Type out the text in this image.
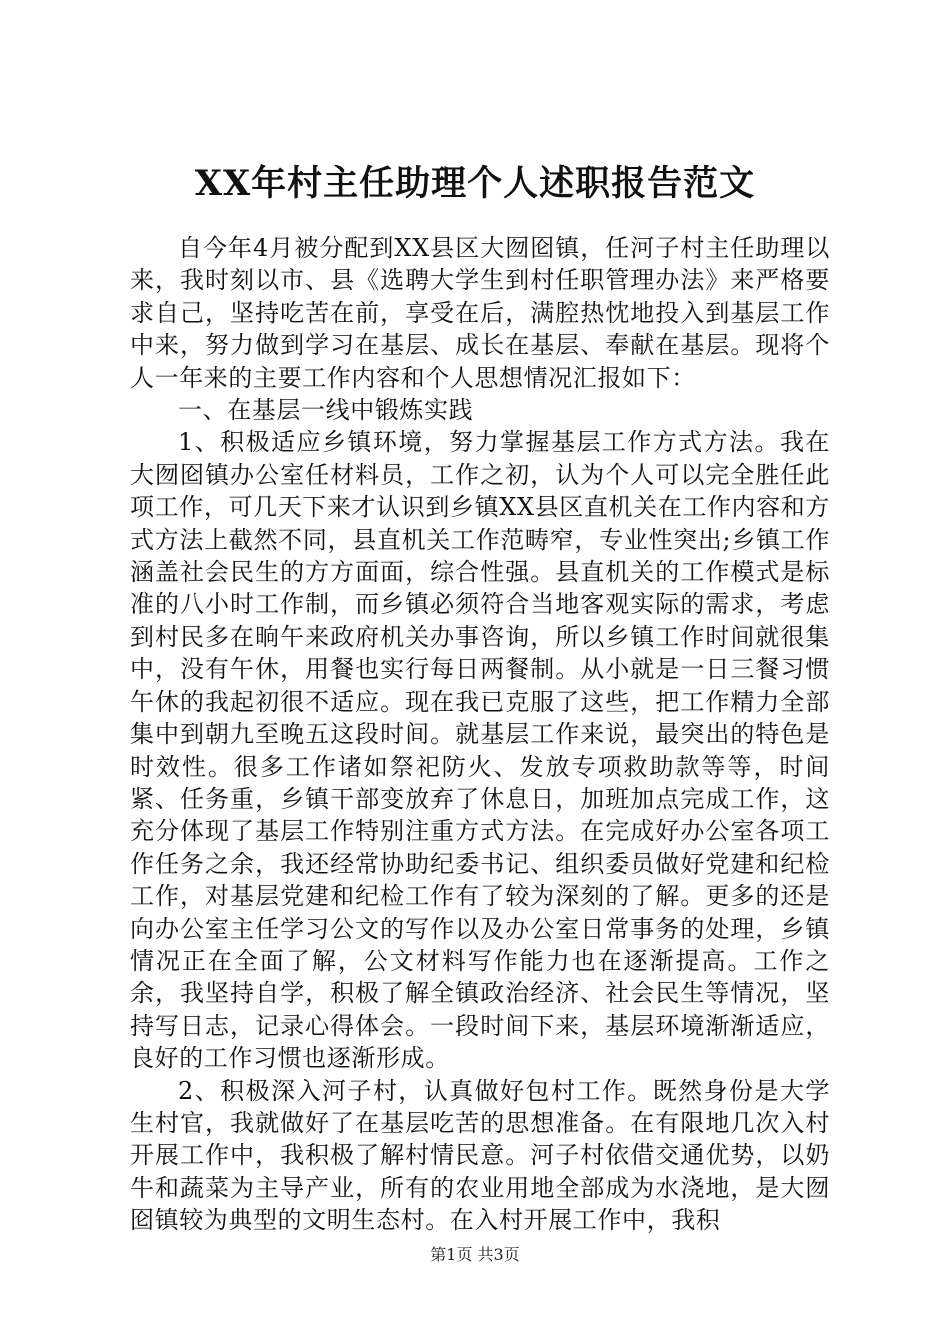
XX年村主任助理个人述职报告范文

自今年4月被分配到XX县区大囫囵镇，任河子村主任助理以来，我时刻以市、县《选聘大学生到村任职管理办法》来严格要求自己，坚持吃苦在前，享受在后，满腔热忱地投入到基层工作中来，努力做到学习在基层、成长在基层、奉献在基层。现将个人一年来的主要工作内容和个人思想情况汇报如下：

一、在基层一线中锻炼实践

1、积极适应乡镇环境，努力掌握基层工作方式方法。我在大囫囵镇办公室任材料员，工作之初，认为个人可以完全胜任此项工作，可几天下来才认识到乡镇XX县区直机关在工作内容和方式方法上截然不同，县直机关工作范畴窄，专业性突出;乡镇工作涵盖社会民生的方方面面，综合性强。县直机关的工作模式是标准的八小时工作制，而乡镇必须符合当地客观实际的需求，考虑到村民多在晌午来政府机关办事咨询，所以乡镇工作时间就很集中，没有午休，用餐也实行每日两餐制。从小就是一日三餐习惯午休的我起初很不适应。现在我已克服了这些，把工作精力全部集中到朝九至晚五这段时间。就基层工作来说，最突出的特色是时效性。很多工作诸如祭祀防火、发放专项救助款等等，时间紧、任务重，乡镇干部变放弃了休息日，加班加点完成工作，这充分体现了基层工作特别注重方式方法。在完成好办公室各项工作任务之余，我还经常协助纪委书记、组织委员做好党建和纪检工作，对基层党建和纪检工作有了较为深刻的了解。更多的还是向办公室主任学习公文的写作以及办公室日常事务的处理，乡镇情况正在全面了解，公文材料写作能力也在逐渐提高。工作之余，我坚持自学，积极了解全镇政治经济、社会民生等情况，坚持写日志，记录心得体会。一段时间下来，基层环境渐渐适应，良好的工作习惯也逐渐形成。

2、积极深入河子村，认真做好包村工作。既然身份是大学生村官，我就做好了在基层吃苦的思想准备。在有限地几次入村开展工作中，我积极了解村情民意。河子村依借交通优势，以奶牛和蔬菜为主导产业，所有的农业用地全部成为水浇地，是大囫囵镇较为典型的文明生态村。在入村开展工作中，我积

第1页 共3页
